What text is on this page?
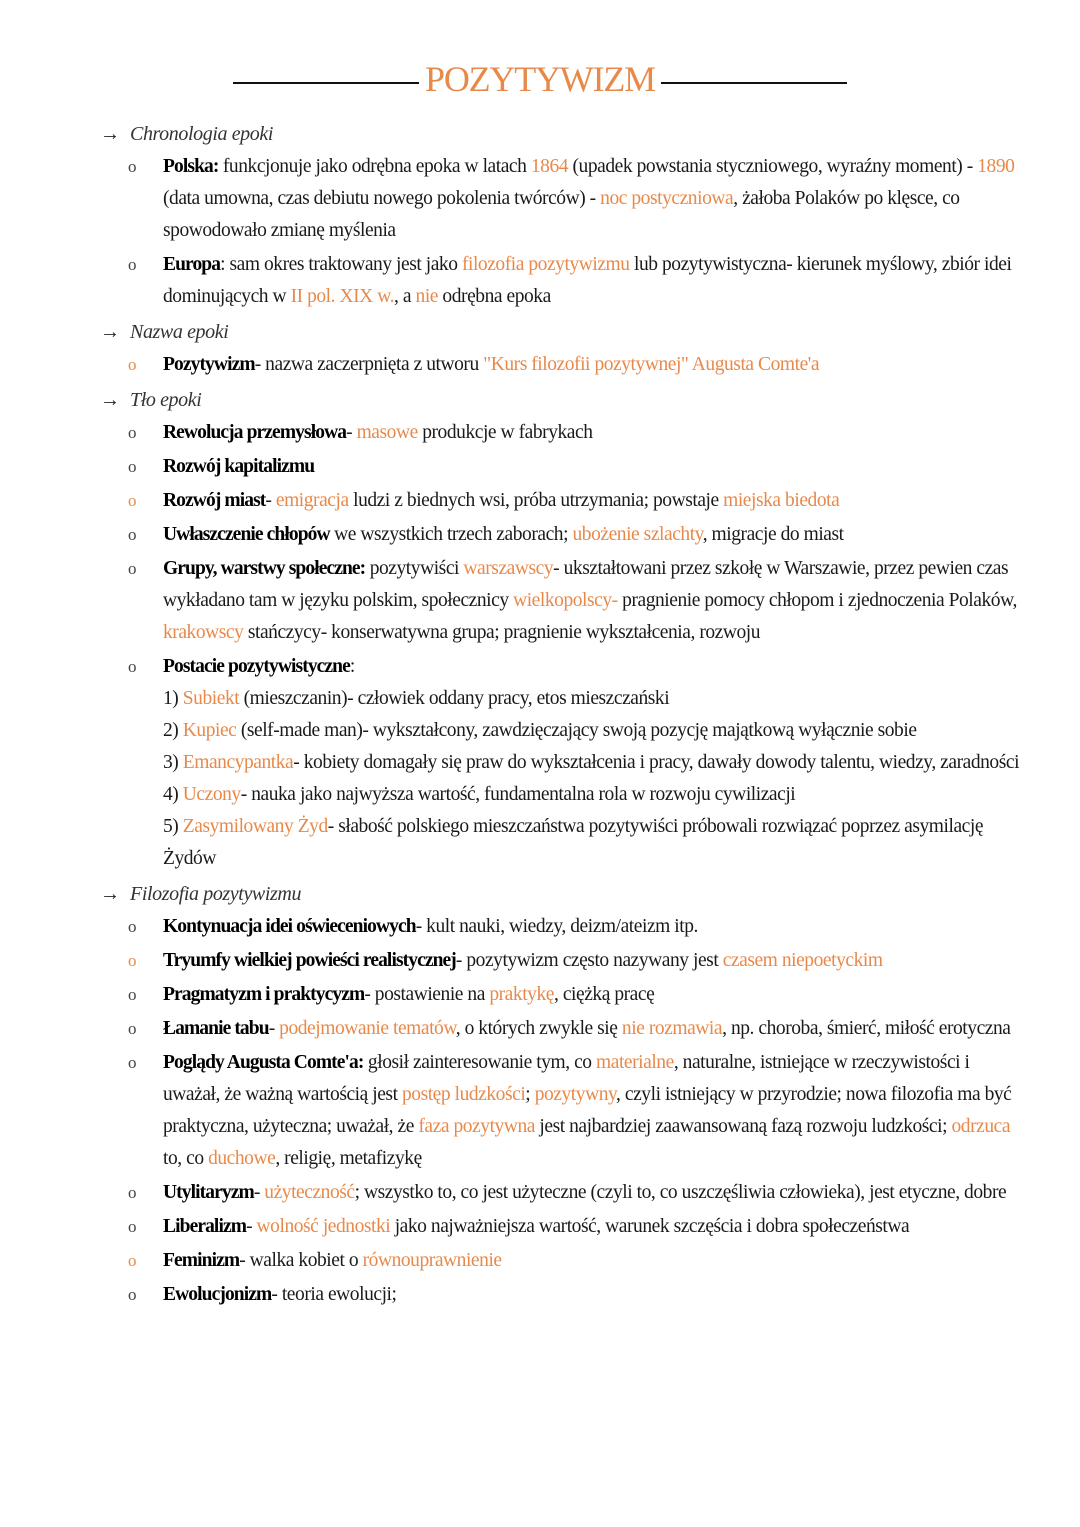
POZYTYWIZM
→ Chronologia epoki
o	Polska: funkcjonuje jako odrębna epoka w latach 1864 (upadek powstania styczniowego, wyraźny moment) - 1890 (data umowna, czas debiutu nowego pokolenia twórców) - noc postyczniowa, żałoba Polaków po klęsce, co spowodowało zmianę myślenia
o	Europa: sam okres traktowany jest jako filozofia pozytywizmu lub pozytywistyczna- kierunek myślowy, zbiór idei dominujących w II pol. XIX w., a nie odrębna epoka
→ Nazwa epoki
o	Pozytywizm- nazwa zaczerpnięta z utworu "Kurs filozofii pozytywnej" Augusta Comte'a
→ Tło epoki
o	Rewolucja przemysłowa- masowe produkcje w fabrykach
o	Rozwój kapitalizmu
o	Rozwój miast- emigracja ludzi z biednych wsi, próba utrzymania; powstaje miejska biedota
o	Uwłaszczenie chłopów we wszystkich trzech zaborach; ubożenie szlachty, migracje do miast
o	Grupy, warstwy społeczne: pozytywiści warszawscy- ukształtowani przez szkołę w Warszawie, przez pewien czas wykładano tam w języku polskim, społecznicy wielkopolscy- pragnienie pomocy chłopom i zjednoczenia Polaków, krakowscy stańczycy- konserwatywna grupa; pragnienie wykształcenia, rozwoju
o	Postacie pozytywistyczne:
1) Subiekt (mieszczanin)- człowiek oddany pracy, etos mieszczański
2) Kupiec (self-made man)- wykształcony, zawdzięczający swoją pozycję majątkową wyłącznie sobie
3) Emancypantka- kobiety domagały się praw do wykształcenia i pracy, dawały dowody talentu, wiedzy, zaradności
4) Uczony- nauka jako najwyższa wartość, fundamentalna rola w rozwoju cywilizacji
5) Zasymilowany Żyd- słabość polskiego mieszczaństwa pozytywiści próbowali rozwiązać poprzez asymilację Żydów
→ Filozofia pozytywizmu
o	Kontynuacja idei oświeceniowych- kult nauki, wiedzy, deizm/ateizm itp.
o	Tryumfy wielkiej powieści realistycznej- pozytywizm często nazywany jest czasem niepoetyckim
o	Pragmatyzm i praktycyzm- postawienie na praktykę, ciężką pracę
o	Łamanie tabu- podejmowanie tematów, o których zwykle się nie rozmawia, np. choroba, śmierć, miłość erotyczna
o	Poglądy Augusta Comte'a: głosił zainteresowanie tym, co materialne, naturalne, istniejące w rzeczywistości i uważał, że ważną wartością jest postęp ludzkości; pozytywny, czyli istniejący w przyrodzie; nowa filozofia ma być praktyczna, użyteczna; uważał, że faza pozytywna jest najbardziej zaawansowaną fazą rozwoju ludzkości; odrzuca to, co duchowe, religię, metafizykę
o	Utylitaryzm- użyteczność; wszystko to, co jest użyteczne (czyli to, co uszczęśliwia człowieka), jest etyczne, dobre
o	Liberalizm- wolność jednostki jako najważniejsza wartość, warunek szczęścia i dobra społeczeństwa
o	Feminizm- walka kobiet o równouprawnienie
o	Ewolucjonizm- teoria ewolucji;
